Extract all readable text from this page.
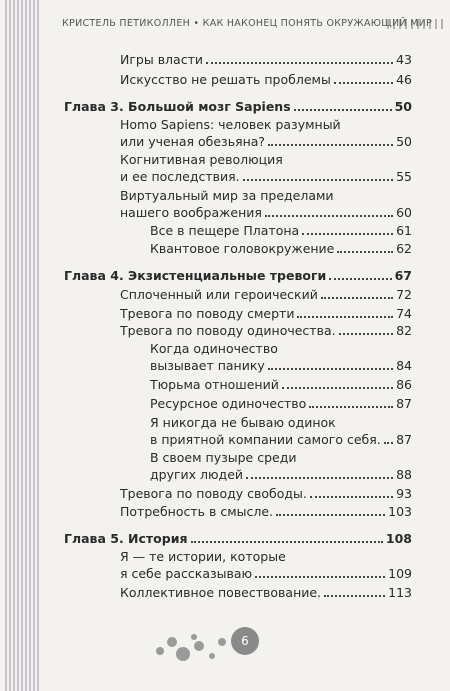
КРИСТЕЛЬ ПЕТИКОЛЛЕН • КАК НАКОНЕЦ ПОНЯТЬ ОКРУЖАЮЩИЙ МИР
Игры власти	43
Искусство не решать проблемы	46
Глава 3. Большой мозг Sapiens	50
Homo Sapiens: человек разумный
или ученая обезьяна?	50
Когнитивная революция
и ее последствия.	55
Виртуальный мир за пределами
нашего воображения	60
Все в пещере Платона	61
Квантовое головокружение	62
Глава 4. Экзистенциальные тревоги	67
Сплоченный или героический	72
Тревога по поводу смерти	74
Тревога по поводу одиночества.	82
Когда одиночество
вызывает панику	84
Тюрьма отношений	86
Ресурсное одиночество	87
Я никогда не бываю одинок
в приятной компании самого себя. 87
В своем пузыре среди
других людей	88
Тревога по поводу свободы.	93
Потребность в смысле.	103
Глава 5. История	108
Я — те истории, которые
я себе рассказываю	109
Коллективное повествование.	113
6
